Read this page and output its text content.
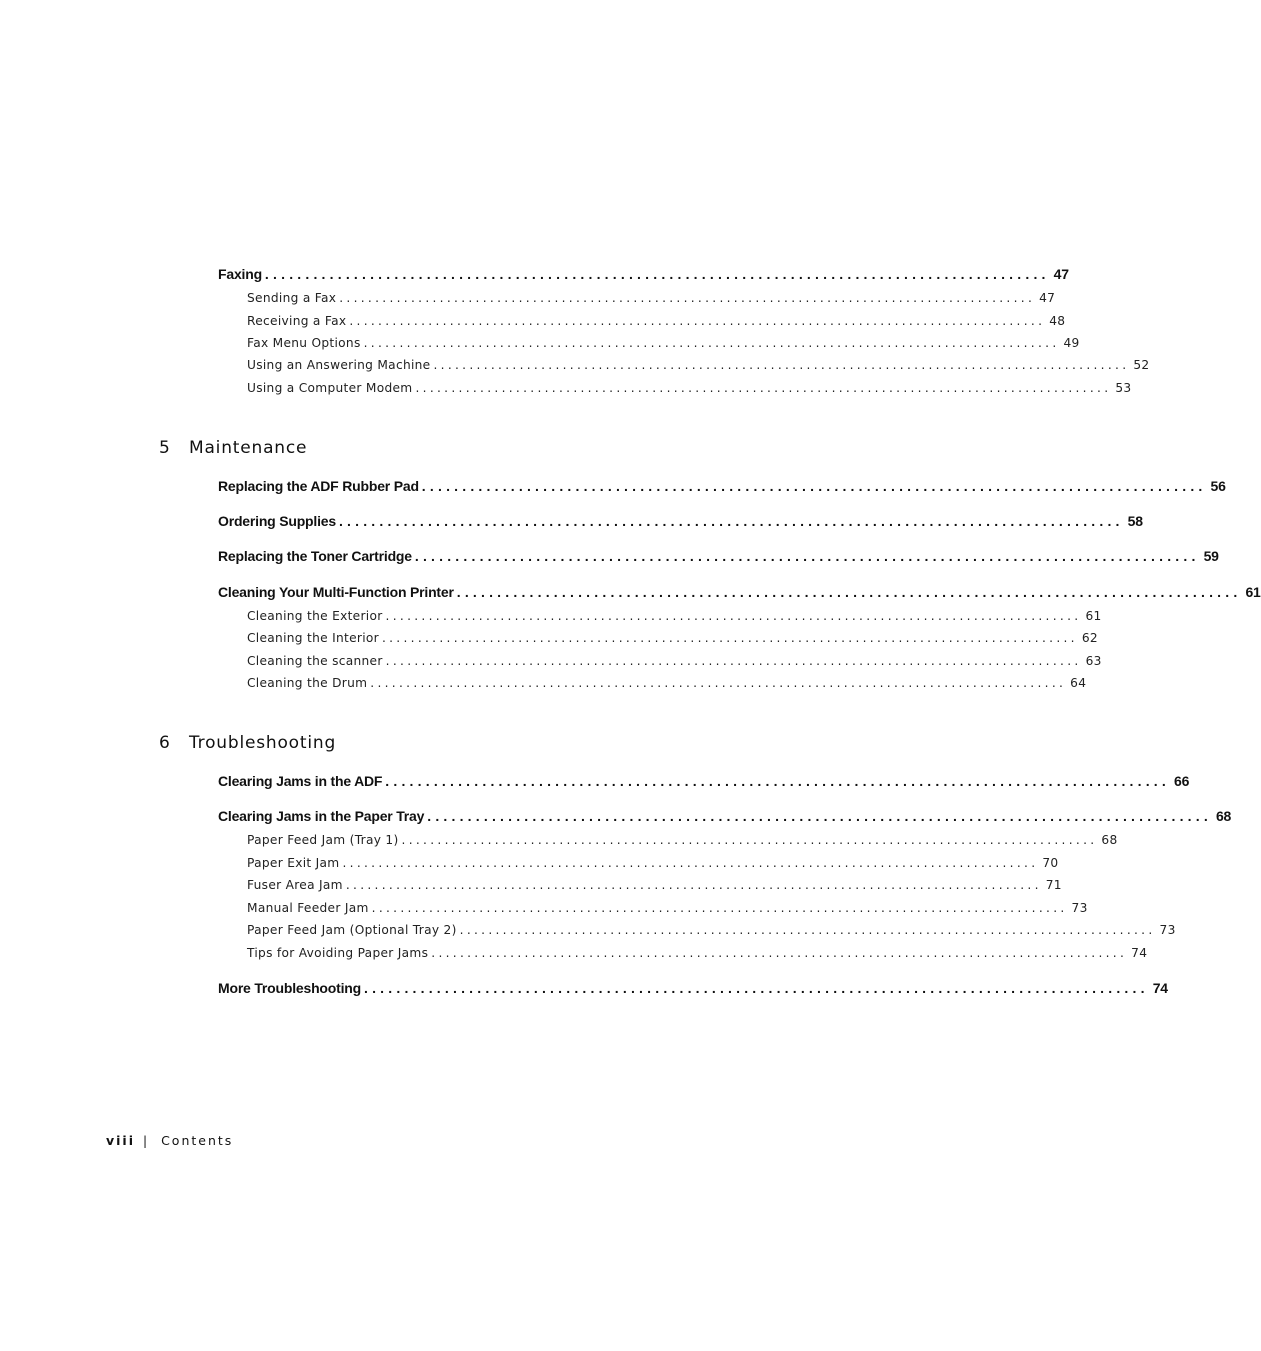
Faxing ................................................................................................. 47
Sending a Fax ................................................................................................. 47
Receiving a Fax ................................................................................................. 48
Fax Menu Options ................................................................................................. 49
Using an Answering Machine ................................................................................................. 52
Using a Computer Modem ................................................................................................. 53
5 Maintenance
Replacing the ADF Rubber Pad ................................................................................................. 56
Ordering Supplies ................................................................................................. 58
Replacing the Toner Cartridge ................................................................................................. 59
Cleaning Your Multi-Function Printer ................................................................................................. 61
Cleaning the Exterior ................................................................................................. 61
Cleaning the Interior ................................................................................................. 62
Cleaning the scanner ................................................................................................. 63
Cleaning the Drum ................................................................................................. 64
6 Troubleshooting
Clearing Jams in the ADF ................................................................................................. 66
Clearing Jams in the Paper Tray ................................................................................................. 68
Paper Feed Jam (Tray 1) ................................................................................................. 68
Paper Exit Jam ................................................................................................. 70
Fuser Area Jam ................................................................................................. 71
Manual Feeder Jam ................................................................................................. 73
Paper Feed Jam (Optional Tray 2) ................................................................................................. 73
Tips for Avoiding Paper Jams ................................................................................................. 74
More Troubleshooting ................................................................................................. 74
viii | Contents
